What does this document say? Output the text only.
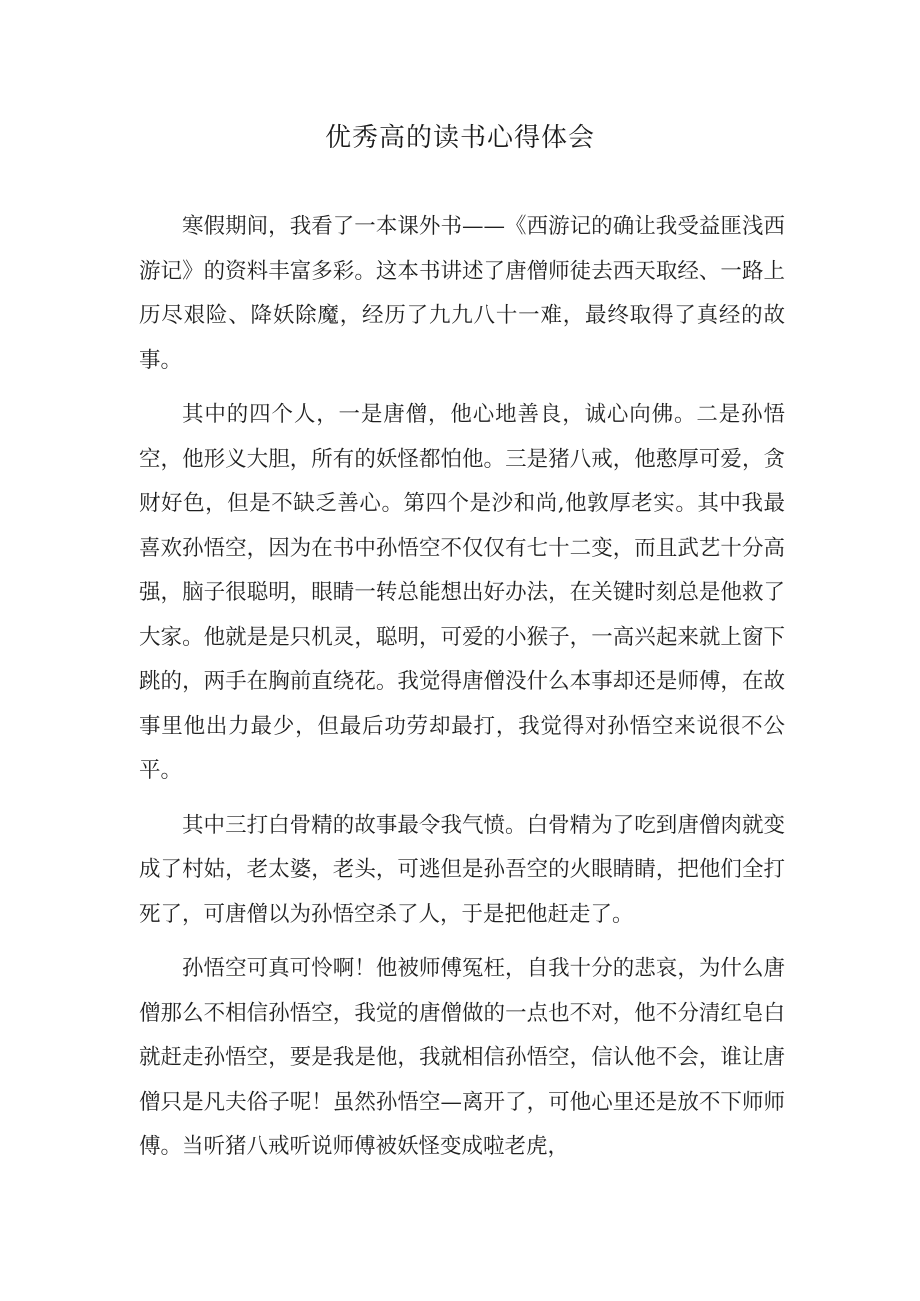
优秀高的读书心得体会

寒假期间，我看了一本课外书——《西游记的确让我受益匪浅西游记》的资料丰富多彩。这本书讲述了唐僧师徒去西天取经、一路上历尽艰险、降妖除魔，经历了九九八十一难，最终取得了真经的故事。

其中的四个人，一是唐僧，他心地善良，诚心向佛。二是孙悟空，他形义大胆，所有的妖怪都怕他。三是猪八戒，他憨厚可爱，贪财好色，但是不缺乏善心。第四个是沙和尚,他敦厚老实。其中我最喜欢孙悟空，因为在书中孙悟空不仅仅有七十二变，而且武艺十分高强，脑子很聪明，眼睛一转总能想出好办法，在关键时刻总是他救了大家。他就是是只机灵，聪明，可爱的小猴子，一高兴起来就上窗下跳的，两手在胸前直绕花。我觉得唐僧没什么本事却还是师傅，在故事里他出力最少，但最后功劳却最打，我觉得对孙悟空来说很不公平。

其中三打白骨精的故事最令我气愤。白骨精为了吃到唐僧肉就变成了村姑，老太婆，老头，可逃但是孙吾空的火眼睛睛，把他们全打死了，可唐僧以为孙悟空杀了人，于是把他赶走了。

孙悟空可真可怜啊！他被师傅冤枉，自我十分的悲哀，为什么唐僧那么不相信孙悟空，我觉的唐僧做的一点也不对，他不分清红皂白就赶走孙悟空，要是我是他，我就相信孙悟空，信认他不会，谁让唐僧只是凡夫俗子呢！虽然孙悟空—离开了，可他心里还是放不下师师傅。当听猪八戒听说师傅被妖怪变成啦老虎，
